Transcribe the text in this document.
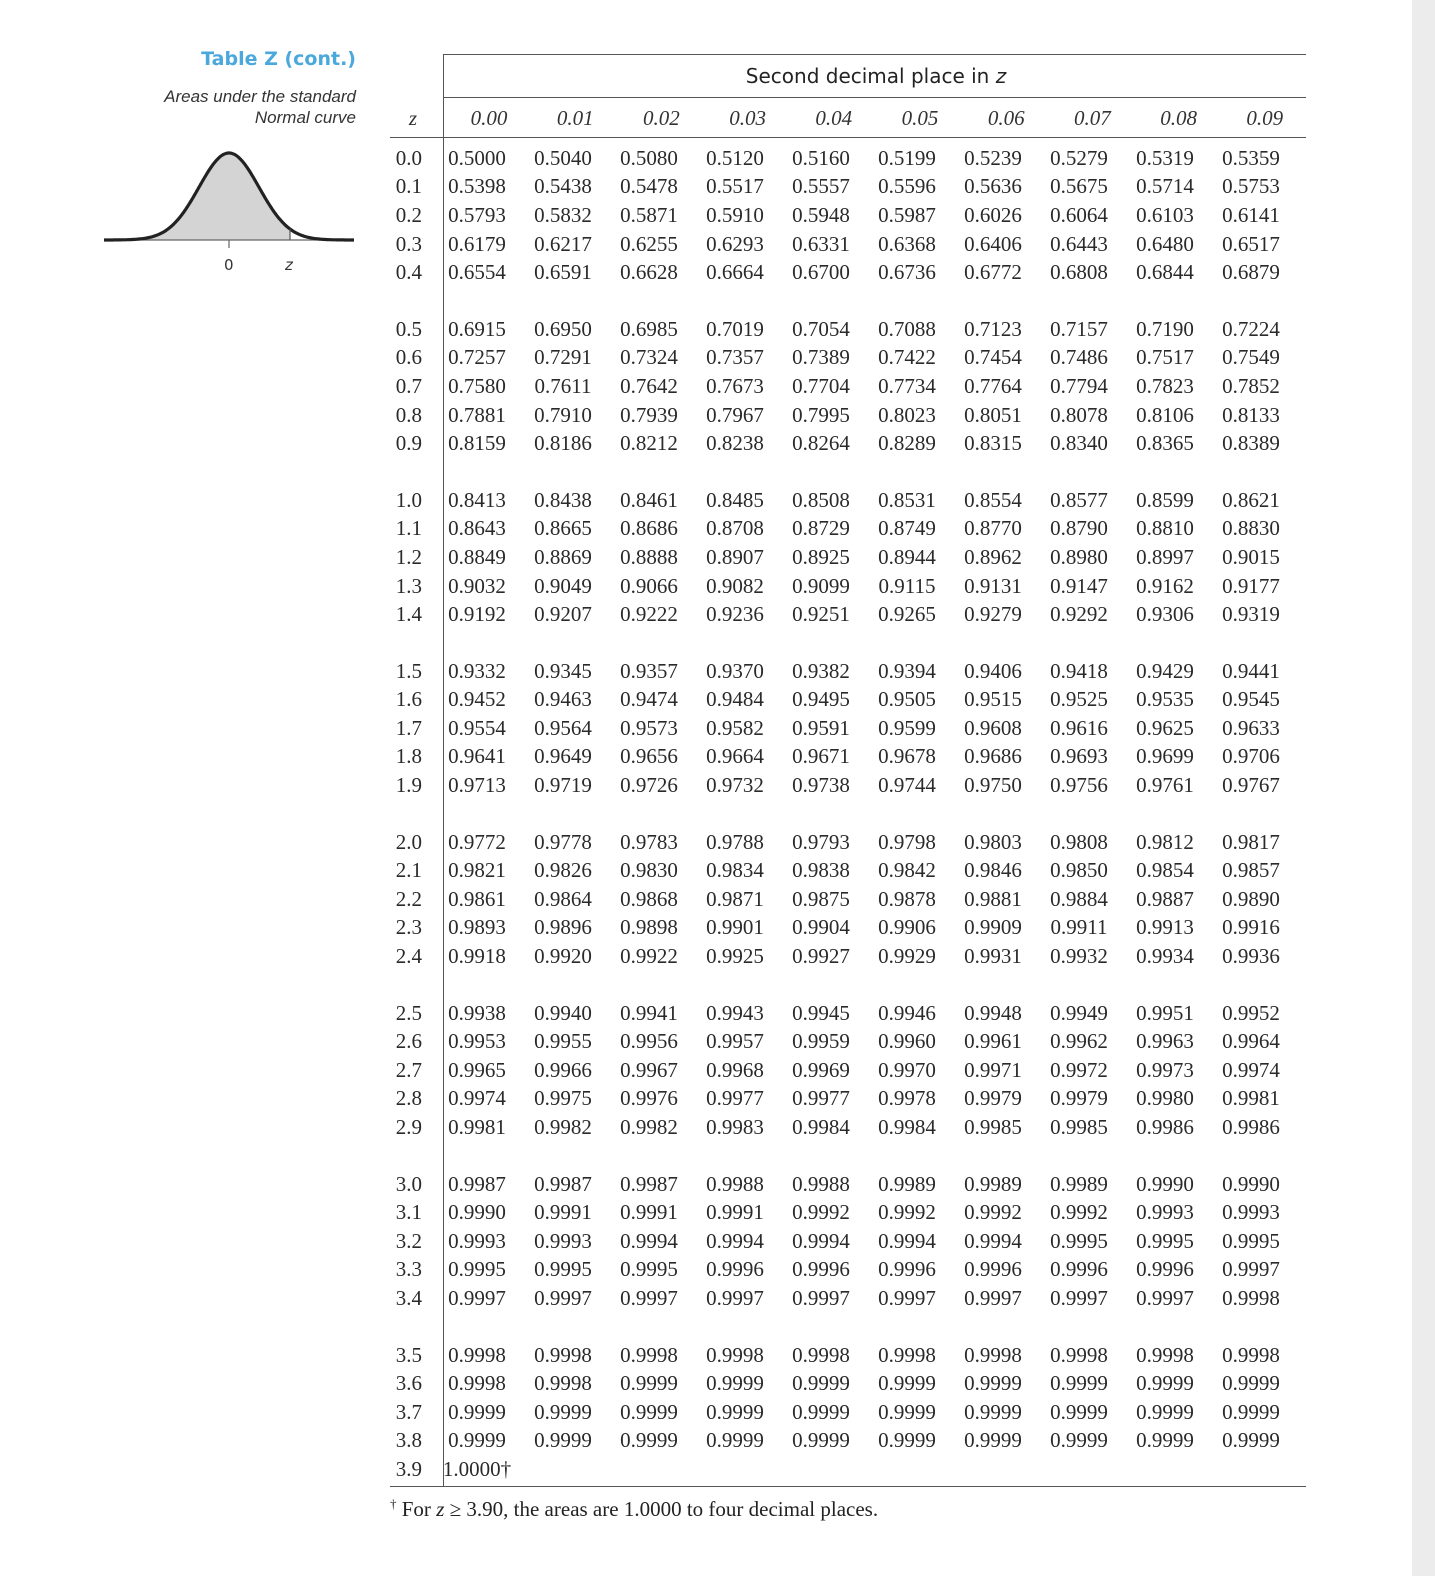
Table Z (cont.)
Areas under the standard
Normal curve
0	z
Second decimal place in z
z	0.00	0.01	0.02	0.03	0.04	0.05	0.06	0.07	0.08	0.09
0.0	0.5000	0.5040	0.5080	0.5120	0.5160	0.5199	0.5239	0.5279	0.5319	0.5359
0.1	0.5398	0.5438	0.5478	0.5517	0.5557	0.5596	0.5636	0.5675	0.5714	0.5753
0.2	0.5793	0.5832	0.5871	0.5910	0.5948	0.5987	0.6026	0.6064	0.6103	0.6141
0.3	0.6179	0.6217	0.6255	0.6293	0.6331	0.6368	0.6406	0.6443	0.6480	0.6517
0.4	0.6554	0.6591	0.6628	0.6664	0.6700	0.6736	0.6772	0.6808	0.6844	0.6879
0.5	0.6915	0.6950	0.6985	0.7019	0.7054	0.7088	0.7123	0.7157	0.7190	0.7224
0.6	0.7257	0.7291	0.7324	0.7357	0.7389	0.7422	0.7454	0.7486	0.7517	0.7549
0.7	0.7580	0.7611	0.7642	0.7673	0.7704	0.7734	0.7764	0.7794	0.7823	0.7852
0.8	0.7881	0.7910	0.7939	0.7967	0.7995	0.8023	0.8051	0.8078	0.8106	0.8133
0.9	0.8159	0.8186	0.8212	0.8238	0.8264	0.8289	0.8315	0.8340	0.8365	0.8389
1.0	0.8413	0.8438	0.8461	0.8485	0.8508	0.8531	0.8554	0.8577	0.8599	0.8621
1.1	0.8643	0.8665	0.8686	0.8708	0.8729	0.8749	0.8770	0.8790	0.8810	0.8830
1.2	0.8849	0.8869	0.8888	0.8907	0.8925	0.8944	0.8962	0.8980	0.8997	0.9015
1.3	0.9032	0.9049	0.9066	0.9082	0.9099	0.9115	0.9131	0.9147	0.9162	0.9177
1.4	0.9192	0.9207	0.9222	0.9236	0.9251	0.9265	0.9279	0.9292	0.9306	0.9319
1.5	0.9332	0.9345	0.9357	0.9370	0.9382	0.9394	0.9406	0.9418	0.9429	0.9441
1.6	0.9452	0.9463	0.9474	0.9484	0.9495	0.9505	0.9515	0.9525	0.9535	0.9545
1.7	0.9554	0.9564	0.9573	0.9582	0.9591	0.9599	0.9608	0.9616	0.9625	0.9633
1.8	0.9641	0.9649	0.9656	0.9664	0.9671	0.9678	0.9686	0.9693	0.9699	0.9706
1.9	0.9713	0.9719	0.9726	0.9732	0.9738	0.9744	0.9750	0.9756	0.9761	0.9767
2.0	0.9772	0.9778	0.9783	0.9788	0.9793	0.9798	0.9803	0.9808	0.9812	0.9817
2.1	0.9821	0.9826	0.9830	0.9834	0.9838	0.9842	0.9846	0.9850	0.9854	0.9857
2.2	0.9861	0.9864	0.9868	0.9871	0.9875	0.9878	0.9881	0.9884	0.9887	0.9890
2.3	0.9893	0.9896	0.9898	0.9901	0.9904	0.9906	0.9909	0.9911	0.9913	0.9916
2.4	0.9918	0.9920	0.9922	0.9925	0.9927	0.9929	0.9931	0.9932	0.9934	0.9936
2.5	0.9938	0.9940	0.9941	0.9943	0.9945	0.9946	0.9948	0.9949	0.9951	0.9952
2.6	0.9953	0.9955	0.9956	0.9957	0.9959	0.9960	0.9961	0.9962	0.9963	0.9964
2.7	0.9965	0.9966	0.9967	0.9968	0.9969	0.9970	0.9971	0.9972	0.9973	0.9974
2.8	0.9974	0.9975	0.9976	0.9977	0.9977	0.9978	0.9979	0.9979	0.9980	0.9981
2.9	0.9981	0.9982	0.9982	0.9983	0.9984	0.9984	0.9985	0.9985	0.9986	0.9986
3.0	0.9987	0.9987	0.9987	0.9988	0.9988	0.9989	0.9989	0.9989	0.9990	0.9990
3.1	0.9990	0.9991	0.9991	0.9991	0.9992	0.9992	0.9992	0.9992	0.9993	0.9993
3.2	0.9993	0.9993	0.9994	0.9994	0.9994	0.9994	0.9994	0.9995	0.9995	0.9995
3.3	0.9995	0.9995	0.9995	0.9996	0.9996	0.9996	0.9996	0.9996	0.9996	0.9997
3.4	0.9997	0.9997	0.9997	0.9997	0.9997	0.9997	0.9997	0.9997	0.9997	0.9998
3.5	0.9998	0.9998	0.9998	0.9998	0.9998	0.9998	0.9998	0.9998	0.9998	0.9998
3.6	0.9998	0.9998	0.9999	0.9999	0.9999	0.9999	0.9999	0.9999	0.9999	0.9999
3.7	0.9999	0.9999	0.9999	0.9999	0.9999	0.9999	0.9999	0.9999	0.9999	0.9999
3.8	0.9999	0.9999	0.9999	0.9999	0.9999	0.9999	0.9999	0.9999	0.9999	0.9999
3.9 1.0000†
† For z ≥ 3.90, the areas are 1.0000 to four decimal places.
